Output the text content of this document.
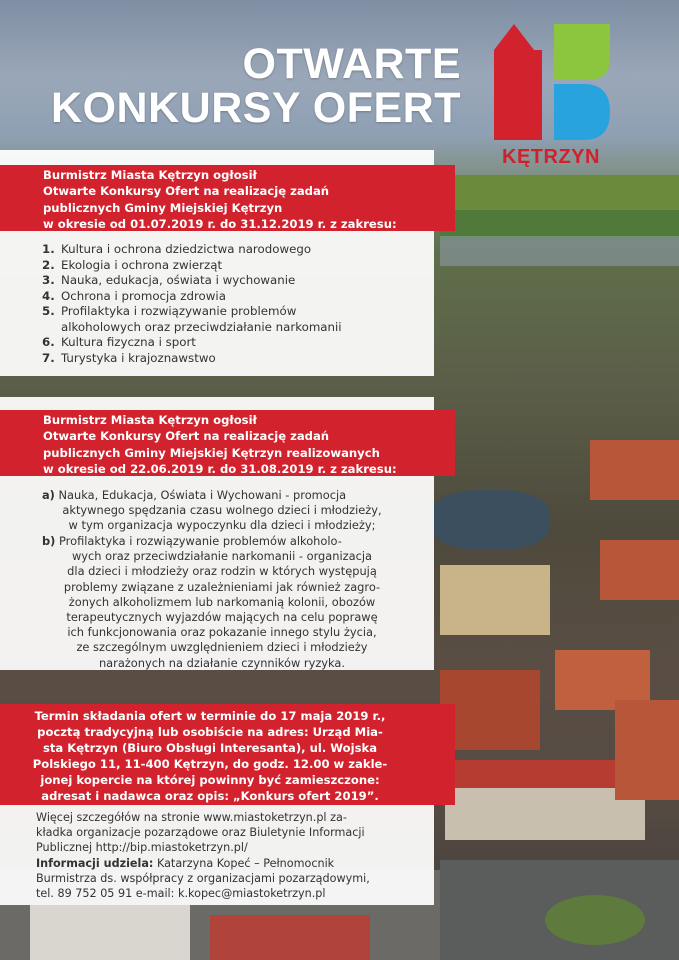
OTWARTE
KONKURSY OFERT
KĘTRZYN
Burmistrz Miasta Kętrzyn ogłosił
Otwarte Konkursy Ofert na realizację zadań
publicznych Gminy Miejskiej Kętrzyn
w okresie od 01.07.2019 r. do 31.12.2019 r. z zakresu:
1. Kultura i ochrona dziedzictwa narodowego
2. Ekologia i ochrona zwierząt
3. Nauka, edukacja, oświata i wychowanie
4. Ochrona i promocja zdrowia
5. Profilaktyka i rozwiązywanie problemów
alkoholowych oraz przeciwdziałanie narkomanii
6. Kultura fizyczna i sport
7. Turystyka i krajoznawstwo
Burmistrz Miasta Kętrzyn ogłosił
Otwarte Konkursy Ofert na realizację zadań
publicznych Gminy Miejskiej Kętrzyn realizowanych
w okresie od 22.06.2019 r. do 31.08.2019 r. z zakresu:
a) Nauka, Edukacja, Oświata i Wychowani - promocja
aktywnego spędzania czasu wolnego dzieci i młodzieży,
w tym organizacja wypoczynku dla dzieci i młodzieży;
b) Profilaktyka i rozwiązywanie problemów alkoholo-
wych oraz przeciwdziałanie narkomanii - organizacja
dla dzieci i młodzieży oraz rodzin w których występują
problemy związane z uzależnieniami jak również zagro-
żonych alkoholizmem lub narkomanią kolonii, obozów
terapeutycznych wyjazdów mających na celu poprawę
ich funkcjonowania oraz pokazanie innego stylu życia,
ze szczególnym uwzględnieniem dzieci i młodzieży
narażonych na działanie czynników ryzyka.
Termin składania ofert w terminie do 17 maja 2019 r.,
pocztą tradycyjną lub osobiście na adres: Urząd Mia-
sta Kętrzyn (Biuro Obsługi Interesanta), ul. Wojska
Polskiego 11, 11-400 Kętrzyn, do godz. 12.00 w zakle-
jonej kopercie na której powinny być zamieszczone:
adresat i nadawca oraz opis: „Konkurs ofert 2019”.
Więcej szczegółów na stronie www.miastoketrzyn.pl za-
kładka organizacje pozarządowe oraz Biuletynie Informacji
Publicznej http://bip.miastoketrzyn.pl/
Informacji udziela: Katarzyna Kopeć – Pełnomocnik
Burmistrza ds. współpracy z organizacjami pozarządowymi,
tel. 89 752 05 91 e-mail: k.kopec@miastoketrzyn.pl
